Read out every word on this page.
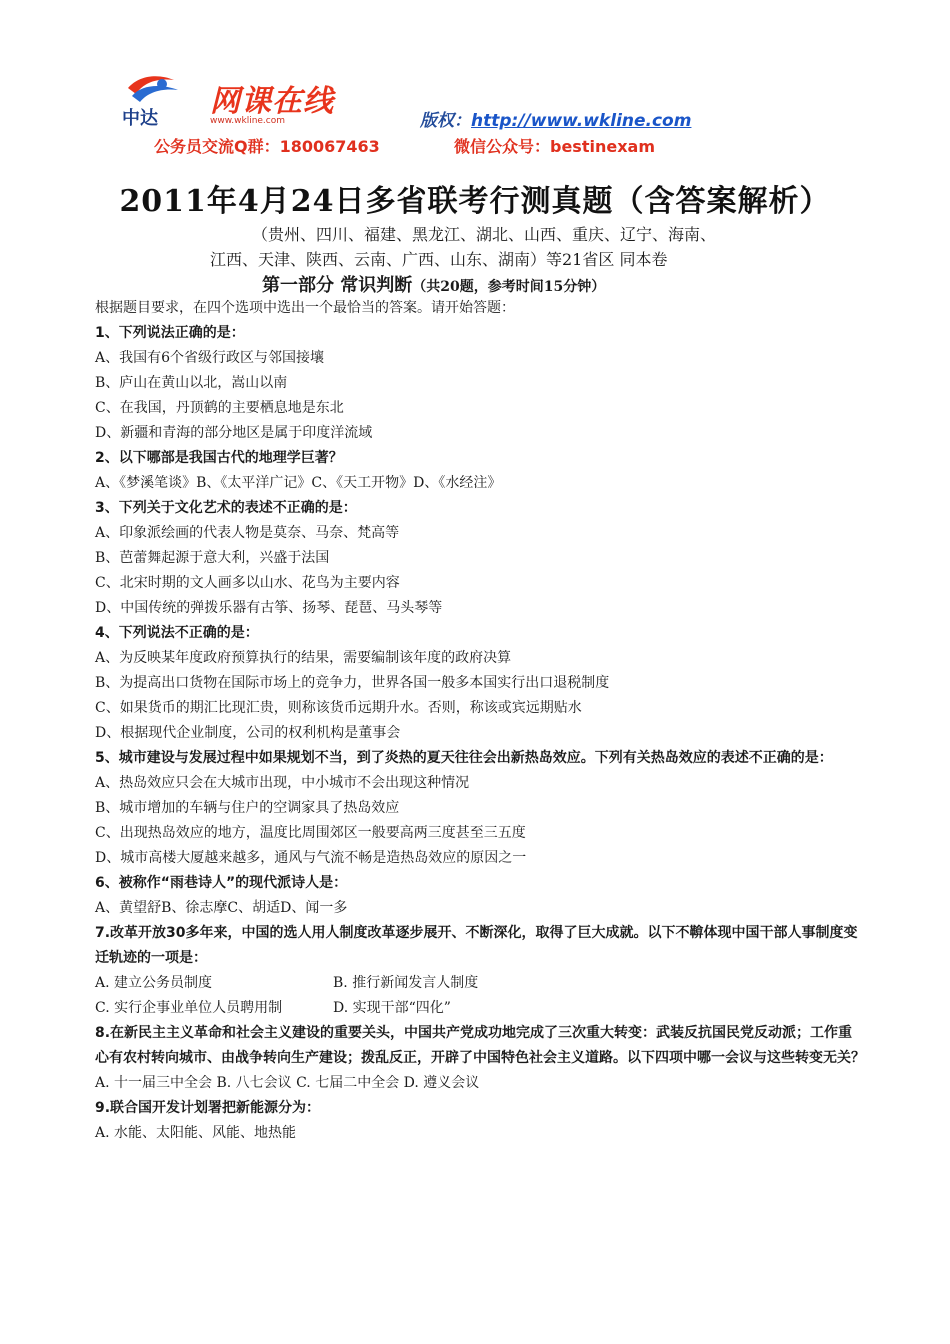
中达 网课在线
www.wkline.com	版权：http://www.wkline.com
公务员交流Q群：180067463	微信公众号：bestinexam
2011年4月24日多省联考行测真题（含答案解析）
（贵州、四川、福建、黑龙江、湖北、山西、重庆、辽宁、海南、
江西、天津、陕西、云南、广西、山东、湖南）等21省区 同本卷
第一部分 常识判断（共20题，参考时间15分钟）
根据题目要求，在四个选项中选出一个最恰当的答案。请开始答题：
1、下列说法正确的是：
A、我国有6个省级行政区与邻国接壤
B、庐山在黄山以北，嵩山以南
C、在我国，丹顶鹤的主要栖息地是东北
D、新疆和青海的部分地区是属于印度洋流域
2、以下哪部是我国古代的地理学巨著？
A、《梦溪笔谈》B、《太平洋广记》C、《天工开物》D、《水经注》
3、下列关于文化艺术的表述不正确的是：
A、印象派绘画的代表人物是莫奈、马奈、梵高等
B、芭蕾舞起源于意大利，兴盛于法国
C、北宋时期的文人画多以山水、花鸟为主要内容
D、中国传统的弹拨乐器有古筝、扬琴、琵琶、马头琴等
4、下列说法不正确的是：
A、为反映某年度政府预算执行的结果，需要编制该年度的政府决算
B、为提高出口货物在国际市场上的竞争力，世界各国一般多本国实行出口退税制度
C、如果货币的期汇比现汇贵，则称该货币远期升水。否则，称该或宾远期贴水
D、根据现代企业制度，公司的权利机构是董事会
5、城市建设与发展过程中如果规划不当，到了炎热的夏天往往会出新热岛效应。下列有关热岛效应的表述不正确的是：
A、热岛效应只会在大城市出现，中小城市不会出现这种情况
B、城市增加的车辆与住户的空调家具了热岛效应
C、出现热岛效应的地方，温度比周围郊区一般要高两三度甚至三五度
D、城市高楼大厦越来越多，通风与气流不畅是造热岛效应的原因之一
6、被称作“雨巷诗人”的现代派诗人是：
A、黄望舒B、徐志摩C、胡适D、闻一多
7.改革开放30多年来，中国的选人用人制度改革逐步展开、不断深化，取得了巨大成就。以下不鞥体现中国干部人事制度变迁轨迹的一项是：
A. 建立公务员制度	B. 推行新闻发言人制度
C. 实行企事业单位人员聘用制	D. 实现干部“四化”
8.在新民主主义革命和社会主义建设的重要关头，中国共产党成功地完成了三次重大转变：武装反抗国民党反动派；工作重心有农村转向城市、由战争转向生产建设；拨乱反正，开辟了中国特色社会主义道路。以下四项中哪一会议与这些转变无关？
A. 十一届三中全会 B. 八七会议 C. 七届二中全会 D. 遵义会议
9.联合国开发计划署把新能源分为：
A. 水能、太阳能、风能、地热能
